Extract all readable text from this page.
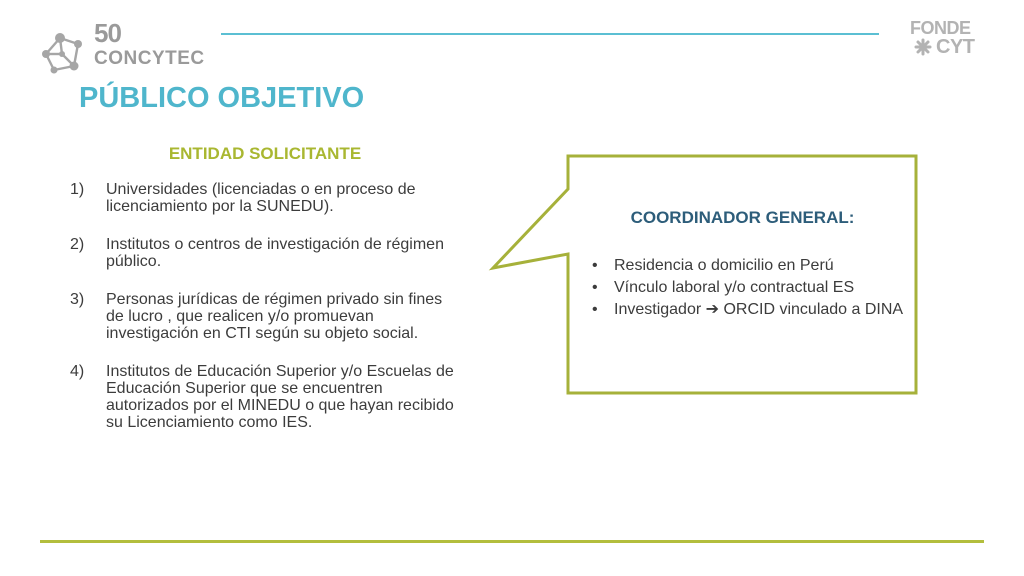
50
CONCYTEC
FONDE
CYT
PÚBLICO OBJETIVO
ENTIDAD SOLICITANTE
1) Universidades (licenciadas o en proceso de licenciamiento por la SUNEDU).
2) Institutos o centros de investigación de régimen público.
3) Personas jurídicas de régimen privado sin fines de lucro , que realicen y/o promuevan investigación en CTI según su objeto social.
4) Institutos de Educación Superior y/o Escuelas de Educación Superior que se encuentren autorizados por el MINEDU o que hayan recibido su Licenciamiento como IES.
COORDINADOR GENERAL:
• Residencia o domicilio en Perú
• Vínculo laboral y/o contractual ES
• Investigador ➔ ORCID vinculado a DINA
